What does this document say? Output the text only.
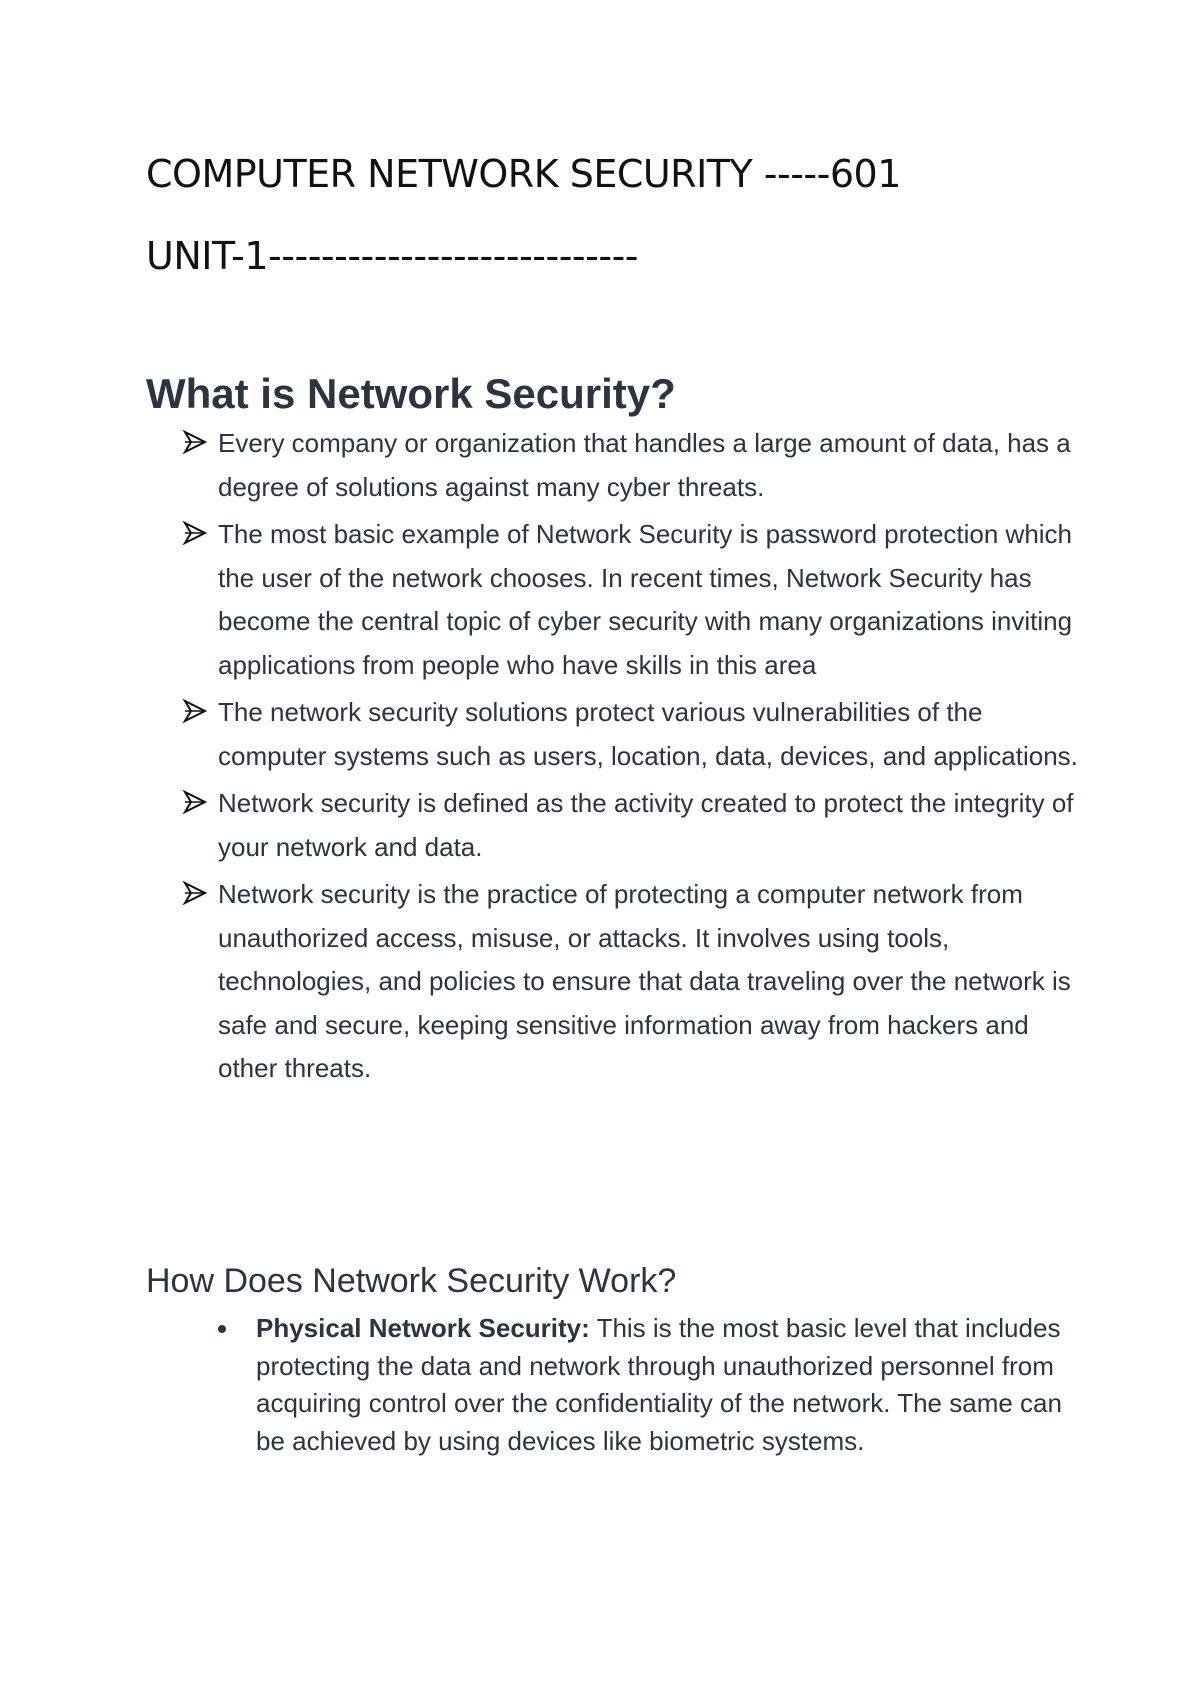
COMPUTER NETWORK SECURITY -----601
UNIT-1----------------------------
What is Network Security?
Every company or organization that handles a large amount of data, has a degree of solutions against many cyber threats.
The most basic example of Network Security is password protection which the user of the network chooses. In recent times, Network Security has become the central topic of cyber security with many organizations inviting applications from people who have skills in this area
The network security solutions protect various vulnerabilities of the computer systems such as users, location, data, devices, and applications.
Network security is defined as the activity created to protect the integrity of your network and data.
Network security is the practice of protecting a computer network from unauthorized access, misuse, or attacks. It involves using tools, technologies, and policies to ensure that data traveling over the network is safe and secure, keeping sensitive information away from hackers and other threats.
How Does Network Security Work?
Physical Network Security: This is the most basic level that includes protecting the data and network through unauthorized personnel from acquiring control over the confidentiality of the network. The same can be achieved by using devices like biometric systems.
